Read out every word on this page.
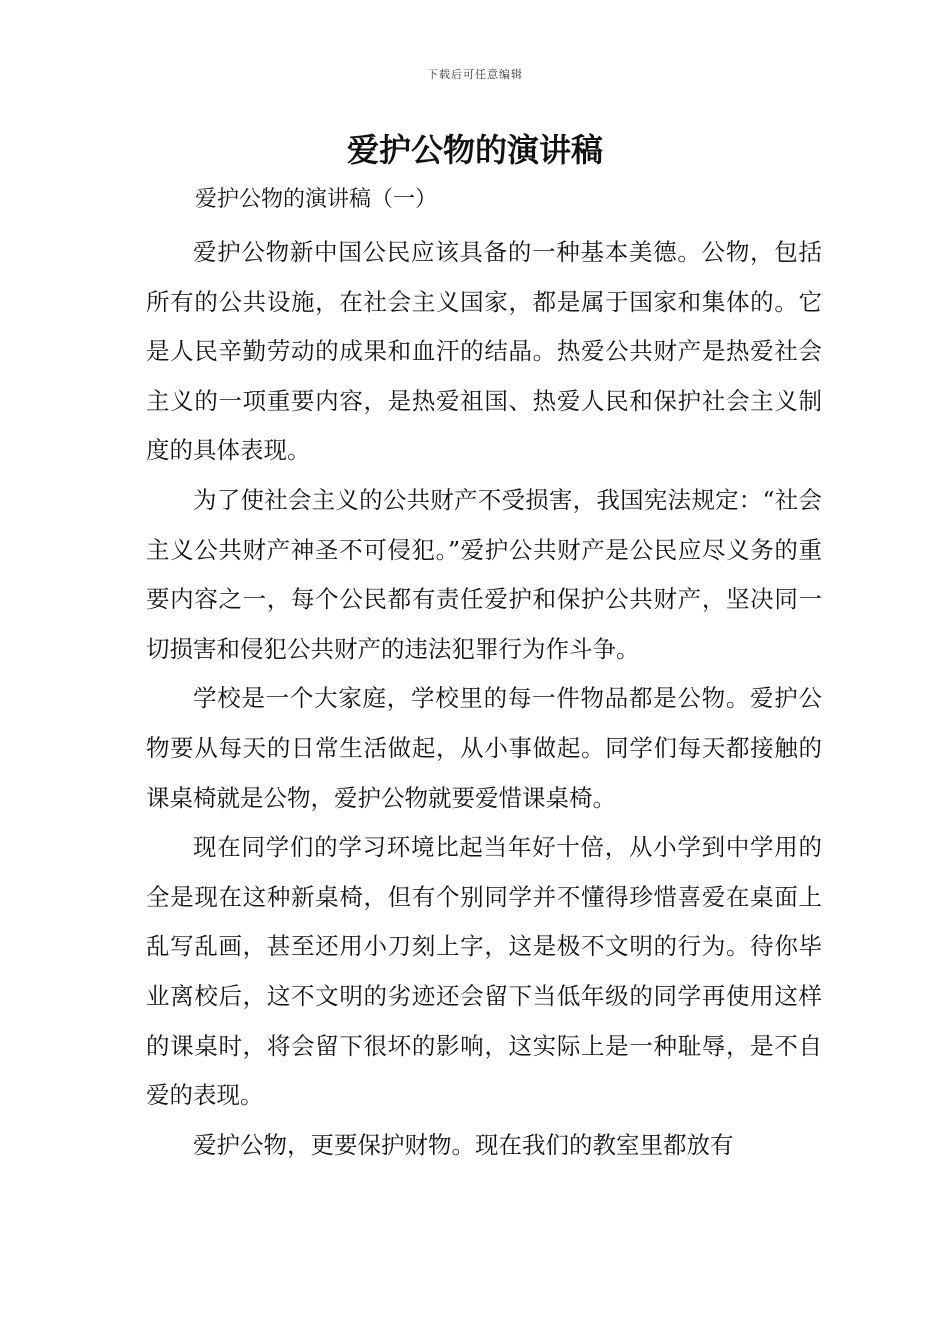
下载后可任意编辑
爱护公物的演讲稿

爱护公物的演讲稿（一）

爱护公物新中国公民应该具备的一种基本美德。公物，包括所有的公共设施，在社会主义国家，都是属于国家和集体的。它是人民辛勤劳动的成果和血汗的结晶。热爱公共财产是热爱社会主义的一项重要内容，是热爱祖国、热爱人民和保护社会主义制度的具体表现。

为了使社会主义的公共财产不受损害，我国宪法规定：“社会主义公共财产神圣不可侵犯。”爱护公共财产是公民应尽义务的重要内容之一，每个公民都有责任爱护和保护公共财产，坚决同一切损害和侵犯公共财产的违法犯罪行为作斗争。

学校是一个大家庭，学校里的每一件物品都是公物。爱护公物要从每天的日常生活做起，从小事做起。同学们每天都接触的课桌椅就是公物，爱护公物就要爱惜课桌椅。

现在同学们的学习环境比起当年好十倍，从小学到中学用的全是现在这种新桌椅，但有个别同学并不懂得珍惜喜爱在桌面上乱写乱画，甚至还用小刀刻上字，这是极不文明的行为。待你毕业离校后，这不文明的劣迹还会留下当低年级的同学再使用这样的课桌时，将会留下很坏的影响，这实际上是一种耻辱，是不自爱的表现。

爱护公物，更要保护财物。现在我们的教室里都放有
